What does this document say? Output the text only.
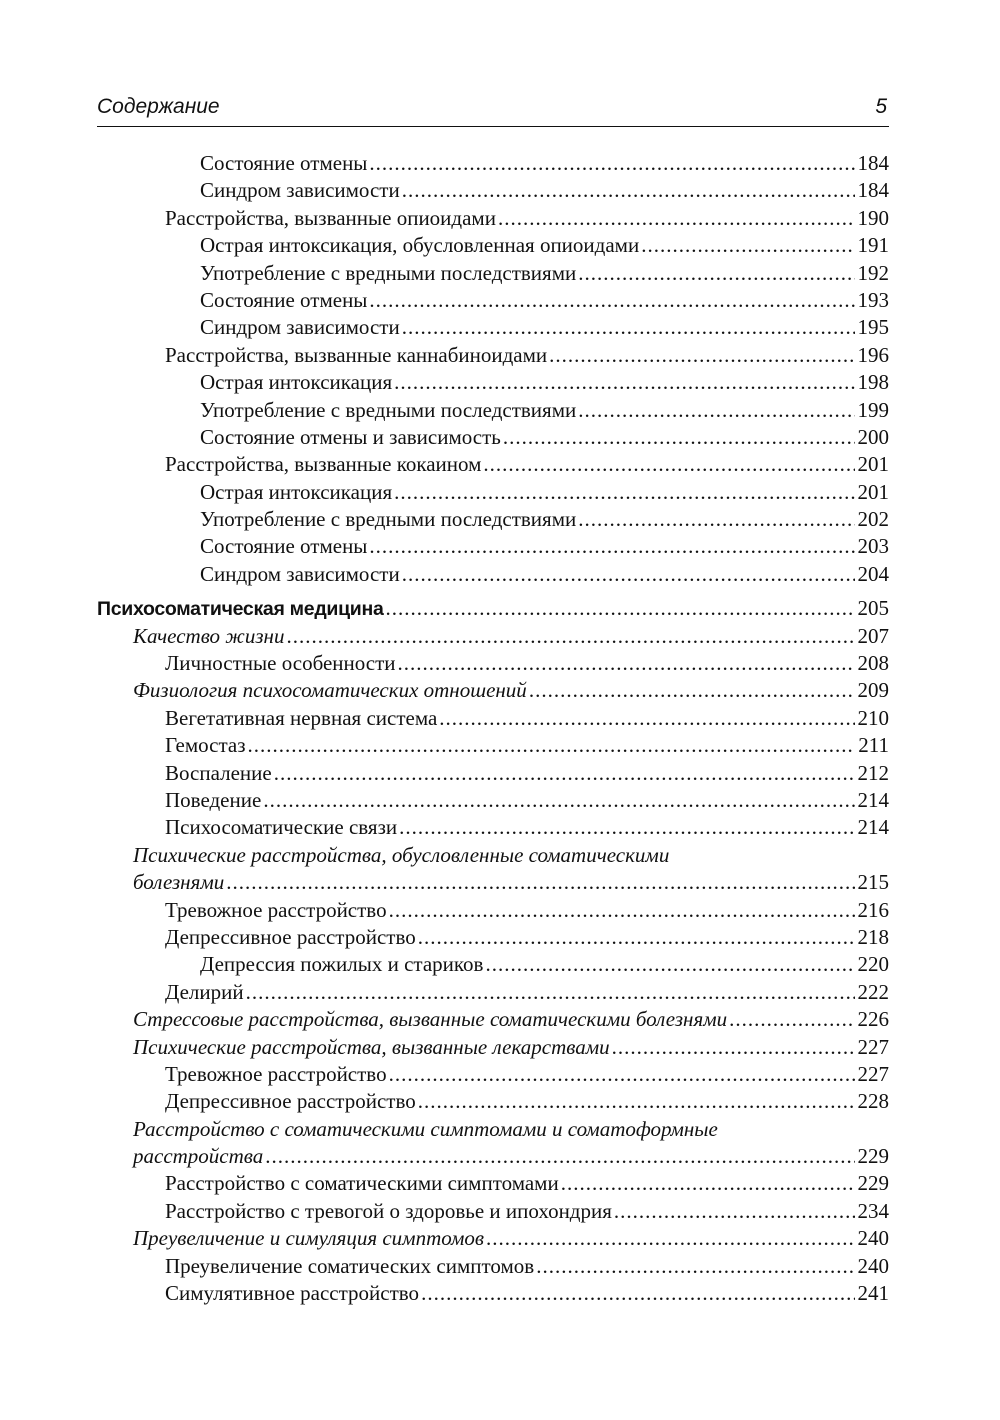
Содержание	5
Состояние отмены .....	184
Синдром зависимости .....	184
Расстройства, вызванные опиоидами .....	190
Острая интоксикация, обусловленная опиоидами .....	191
Употребление с вредными последствиями .....	192
Состояние отмены .....	193
Синдром зависимости .....	195
Расстройства, вызванные каннабиноидами .....	196
Острая интоксикация .....	198
Употребление с вредными последствиями .....	199
Состояние отмены и зависимость .....	200
Расстройства, вызванные кокаином .....	201
Острая интоксикация .....	201
Употребление с вредными последствиями .....	202
Состояние отмены .....	203
Синдром зависимости .....	204
Психосоматическая медицина .....	205
Качество жизни .....	207
Личностные особенности .....	208
Физиология психосоматических отношений .....	209
Вегетативная нервная система .....	210
Гемостаз .....	211
Воспаление .....	212
Поведение .....	214
Психосоматические связи .....	214
Психические расстройства, обусловленные соматическими
болезнями .....	215
Тревожное расстройство .....	216
Депрессивное расстройство .....	218
Депрессия пожилых и стариков .....	220
Делирий .....	222
Стрессовые расстройства, вызванные соматическими болезнями .....	226
Психические расстройства, вызванные лекарствами .....	227
Тревожное расстройство .....	227
Депрессивное расстройство .....	228
Расстройство с соматическими симптомами и соматоформные
расстройства .....	229
Расстройство с соматическими симптомами .....	229
Расстройство с тревогой о здоровье и ипохондрия .....	234
Преувеличение и симуляция симптомов .....	240
Преувеличение соматических симптомов .....	240
Симулятивное расстройство .....	241
